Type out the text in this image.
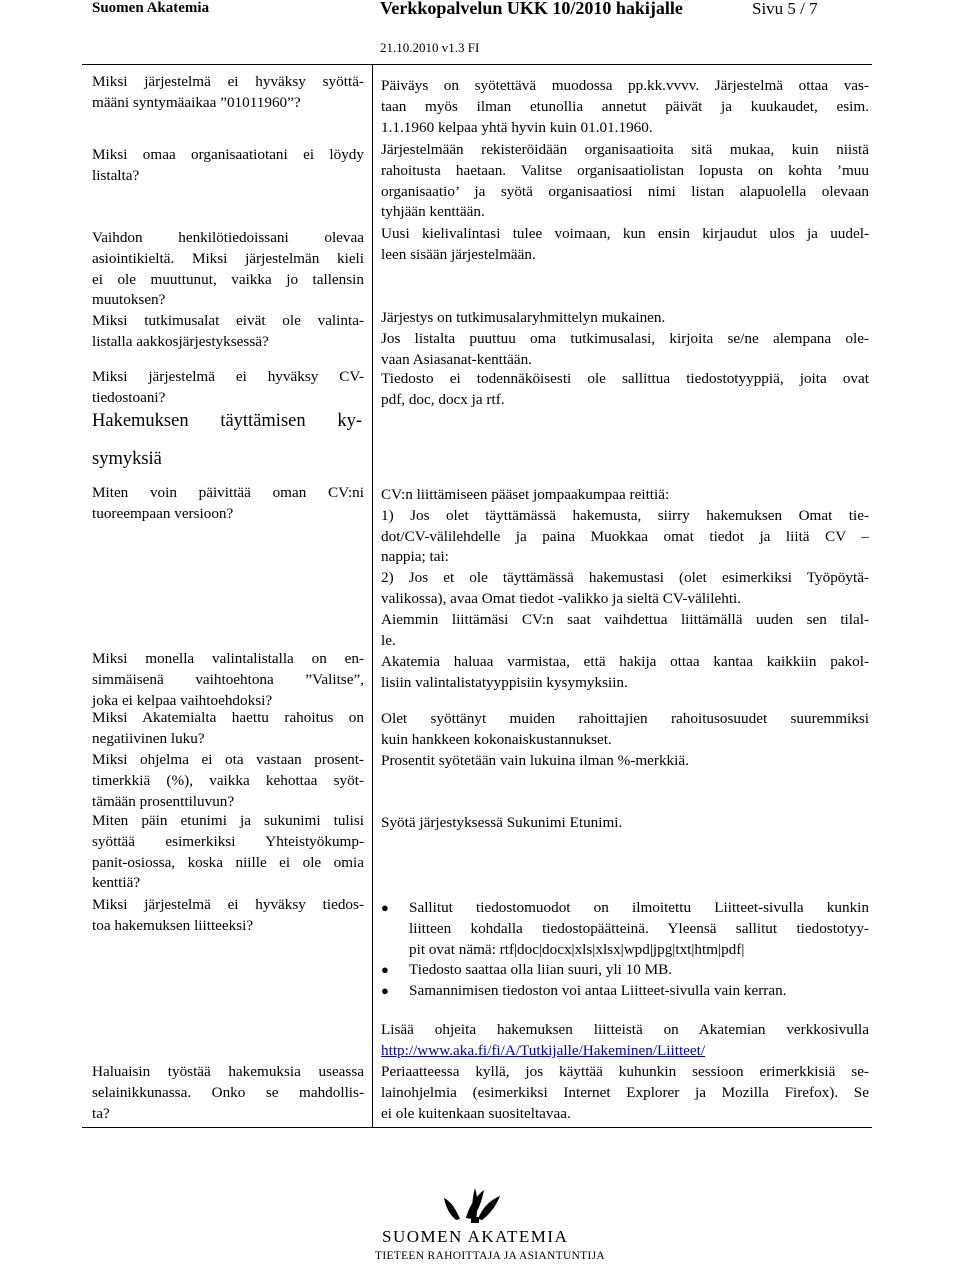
Suomen Akatemia	Verkkopalvelun UKK 10/2010 hakijalle	Sivu 5 / 7
21.10.2010 v1.3 FI
Miksi järjestelmä ei hyväksy syöttä-
määni syntymäaikaa ”01011960”?
Päiväys on syötettävä muodossa pp.kk.vvvv. Järjestelmä ottaa vas-
taan myös ilman etunollia annetut päivät ja kuukaudet, esim.
1.1.1960 kelpaa yhtä hyvin kuin 01.01.1960.
Miksi omaa organisaatiotani ei löydy
listalta?
Järjestelmään rekisteröidään organisaatioita sitä mukaa, kuin niistä
rahoitusta haetaan. Valitse organisaatiolistan lopusta on kohta ’muu
organisaatio’ ja syötä organisaatiosi nimi listan alapuolella olevaan
tyhjään kenttään.
Vaihdon henkilötiedoissani olevaa
asiointikieltä. Miksi järjestelmän kieli
ei ole muuttunut, vaikka jo tallensin
muutoksen?
Uusi kielivalintasi tulee voimaan, kun ensin kirjaudut ulos ja uudel-
leen sisään järjestelmään.
Miksi tutkimusalat eivät ole valinta-
listalla aakkosjärjestyksessä?
Järjestys on tutkimusalaryhmittelyn mukainen.
Jos listalta puuttuu oma tutkimusalasi, kirjoita se/ne alempana ole-
vaan Asiasanat-kenttään.
Miksi järjestelmä ei hyväksy CV-
tiedostoani?
Tiedosto ei todennäköisesti ole sallittua tiedostotyyppiä, joita ovat
pdf, doc, docx ja rtf.
Hakemuksen täyttämisen ky-
symyksiä
Miten voin päivittää oman CV:ni
tuoreempaan versioon?
CV:n liittämiseen pääset jompaakumpaa reittiä:
1) Jos olet täyttämässä hakemusta, siirry hakemuksen Omat tie-
dot/CV-välilehdelle ja paina Muokkaa omat tiedot ja liitä CV –
nappia; tai:
2) Jos et ole täyttämässä hakemustasi (olet esimerkiksi Työpöytä-
valikossa), avaa Omat tiedot -valikko ja sieltä CV-välilehti.
Aiemmin liittämäsi CV:n saat vaihdettua liittämällä uuden sen tilal-
le.
Miksi monella valintalistalla on en-
simmäisenä vaihtoehtona ”Valitse”,
joka ei kelpaa vaihtoehdoksi?
Akatemia haluaa varmistaa, että hakija ottaa kantaa kaikkiin pakol-
lisiin valintalistatyyppisiin kysymyksiin.
Miksi Akatemialta haettu rahoitus on
negatiivinen luku?
Olet syöttänyt muiden rahoittajien rahoitusosuudet suuremmiksi
kuin hankkeen kokonaiskustannukset.
Miksi ohjelma ei ota vastaan prosent-
timerkkiä (%), vaikka kehottaa syöt-
tämään prosenttiluvun?
Prosentit syötetään vain lukuina ilman %-merkkiä.
Miten päin etunimi ja sukunimi tulisi
syöttää esimerkiksi Yhteistyökump-
panit-osiossa, koska niille ei ole omia
kenttiä?
Syötä järjestyksessä Sukunimi Etunimi.
Miksi järjestelmä ei hyväksy tiedos-
toa hakemuksen liitteeksi?
● Sallitut tiedostomuodot on ilmoitettu Liitteet-sivulla kunkin
liitteen kohdalla tiedostopäätteinä. Yleensä sallitut tiedostotyy-
pit ovat nämä: rtf|doc|docx|xls|xlsx|wpd|jpg|txt|htm|pdf|
● Tiedosto saattaa olla liian suuri, yli 10 MB.
● Samannimisen tiedoston voi antaa Liitteet-sivulla vain kerran.
Lisää ohjeita hakemuksen liitteistä on Akatemian verkkosivulla
http://www.aka.fi/fi/A/Tutkijalle/Hakeminen/Liitteet/
Haluaisin työstää hakemuksia useassa
selainikkunassa. Onko se mahdollis-
ta?
Periaatteessa kyllä, jos käyttää kuhunkin sessioon erimerkkisiä se-
lainohjelmia (esimerkiksi Internet Explorer ja Mozilla Firefox). Se
ei ole kuitenkaan suositeltavaa.
SUOMEN AKATEMIA
TIETEEN RAHOITTAJA JA ASIANTUNTIJA
